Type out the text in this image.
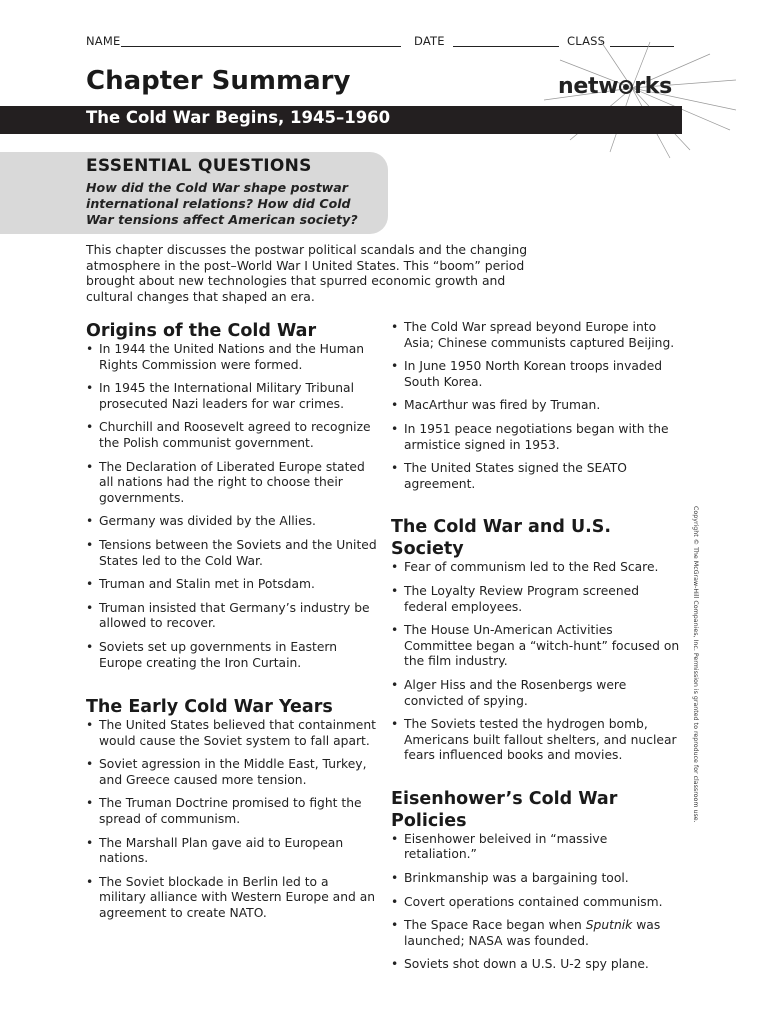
NAME	DATE	CLASS
Chapter Summary	netw rks
The Cold War Begins, 1945–1960
ESSENTIAL QUESTIONS
How did the Cold War shape postwar international relations? How did Cold War tensions affect American society?
This chapter discusses the postwar political scandals and the changing atmosphere in the post–World War I United States. This “boom” period brought about new technologies that spurred economic growth and cultural changes that shaped an era.
Origins of the Cold War
• In 1944 the United Nations and the Human Rights Commission were formed.
• In 1945 the International Military Tribunal prosecuted Nazi leaders for war crimes.
• Churchill and Roosevelt agreed to recognize the Polish communist government.
• The Declaration of Liberated Europe stated all nations had the right to choose their governments.
• Germany was divided by the Allies.
• Tensions between the Soviets and the United States led to the Cold War.
• Truman and Stalin met in Potsdam.
• Truman insisted that Germany’s industry be allowed to recover.
• Soviets set up governments in Eastern Europe creating the Iron Curtain.
The Early Cold War Years
• The United States believed that containment would cause the Soviet system to fall apart.
• Soviet agression in the Middle East, Turkey, and Greece caused more tension.
• The Truman Doctrine promised to fight the spread of communism.
• The Marshall Plan gave aid to European nations.
• The Soviet blockade in Berlin led to a military alliance with Western Europe and an agreement to create NATO.
• The Cold War spread beyond Europe into Asia; Chinese communists captured Beijing.
• In June 1950 North Korean troops invaded South Korea.
• MacArthur was fired by Truman.
• In 1951 peace negotiations began with the armistice signed in 1953.
• The United States signed the SEATO agreement.
The Cold War and U.S. Society
• Fear of communism led to the Red Scare.
• The Loyalty Review Program screened federal employees.
• The House Un-American Activities Committee began a “witch-hunt” focused on the film industry.
• Alger Hiss and the Rosenbergs were convicted of spying.
• The Soviets tested the hydrogen bomb, Americans built fallout shelters, and nuclear fears influenced books and movies.
Eisenhower’s Cold War Policies
• Eisenhower beleived in “massive retaliation.”
• Brinkmanship was a bargaining tool.
• Covert operations contained communism.
• The Space Race began when Sputnik was launched; NASA was founded.
• Soviets shot down a U.S. U-2 spy plane.
Copyright © The McGraw-Hill Companies, Inc. Permission is granted to reproduce for classroom use.
